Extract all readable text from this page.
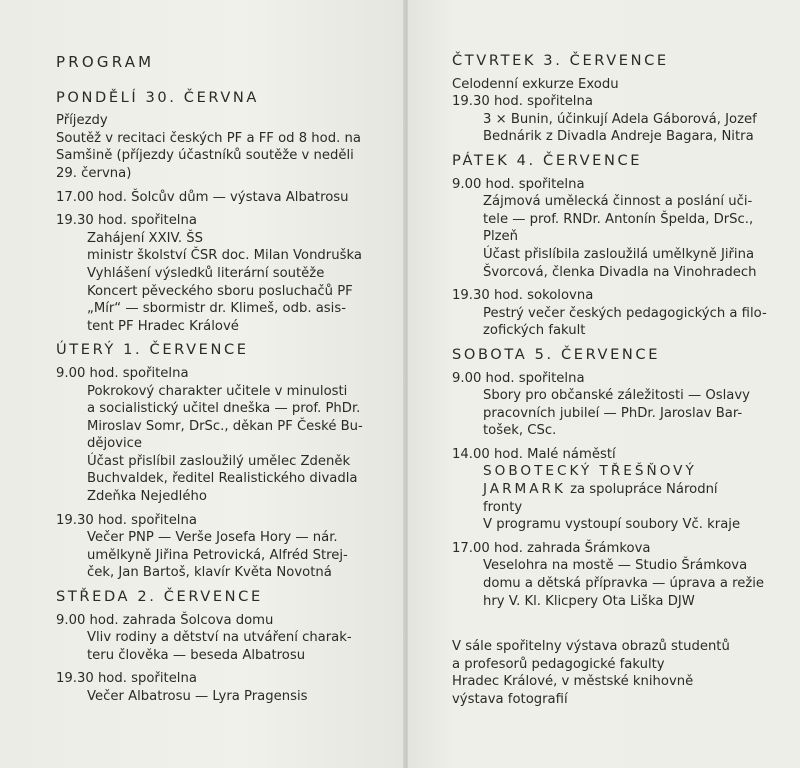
PROGRAM
PONDĚLÍ 30. ČERVNA
Příjezdy
Soutěž v recitaci českých PF a FF od 8 hod. na
Samšině (příjezdy účastníků soutěže v neděli
29. června)
17.00 hod. Šolcův dům — výstava Albatrosu
19.30 hod. spořitelna
Zahájení XXIV. ŠS
ministr školství ČSR doc. Milan Vondruška
Vyhlášení výsledků literární soutěže
Koncert pěveckého sboru posluchačů PF
„Mír“ — sbormistr dr. Klimeš, odb. asis-
tent PF Hradec Králové
ÚTERÝ 1. ČERVENCE
9.00 hod. spořitelna
Pokrokový charakter učitele v minulosti
a socialistický učitel dneška — prof. PhDr.
Miroslav Somr, DrSc., děkan PF České Bu-
dějovice
Účast přislíbil zasloužilý umělec Zdeněk
Buchvaldek, ředitel Realistického divadla
Zdeňka Nejedlého
19.30 hod. spořitelna
Večer PNP — Verše Josefa Hory — nár.
umělkyně Jiřina Petrovická, Alfréd Strej-
ček, Jan Bartoš, klavír Květa Novotná
STŘEDA 2. ČERVENCE
9.00 hod. zahrada Šolcova domu
Vliv rodiny a dětství na utváření charak-
teru člověka — beseda Albatrosu
19.30 hod. spořitelna
Večer Albatrosu — Lyra Pragensis
ČTVRTEK 3. ČERVENCE
Celodenní exkurze Exodu
19.30 hod. spořitelna
3 × Bunin, účinkují Adela Gáborová, Jozef
Bednárik z Divadla Andreje Bagara, Nitra
PÁTEK 4. ČERVENCE
9.00 hod. spořitelna
Zájmová umělecká činnost a poslání uči-
tele — prof. RNDr. Antonín Špelda, DrSc.,
Plzeň
Účast přislíbila zasloužilá umělkyně Jiřina
Švorcová, členka Divadla na Vinohradech
19.30 hod. sokolovna
Pestrý večer českých pedagogických a filo-
zofických fakult
SOBOTA 5. ČERVENCE
9.00 hod. spořitelna
Sbory pro občanské záležitosti — Oslavy
pracovních jubileí — PhDr. Jaroslav Bar-
tošek, CSc.
14.00 hod. Malé náměstí
SOBOTECKÝ TŘEŠŇOVÝ
JARMARK za spolupráce Národní
fronty
V programu vystoupí soubory Vč. kraje
17.00 hod. zahrada Šrámkova
Veselohra na mostě — Studio Šrámkova
domu a dětská přípravka — úprava a režie
hry V. Kl. Klicpery Ota Liška DJW
V sále spořitelny výstava obrazů studentů
a profesorů pedagogické fakulty
Hradec Králové, v městské knihovně
výstava fotografií
